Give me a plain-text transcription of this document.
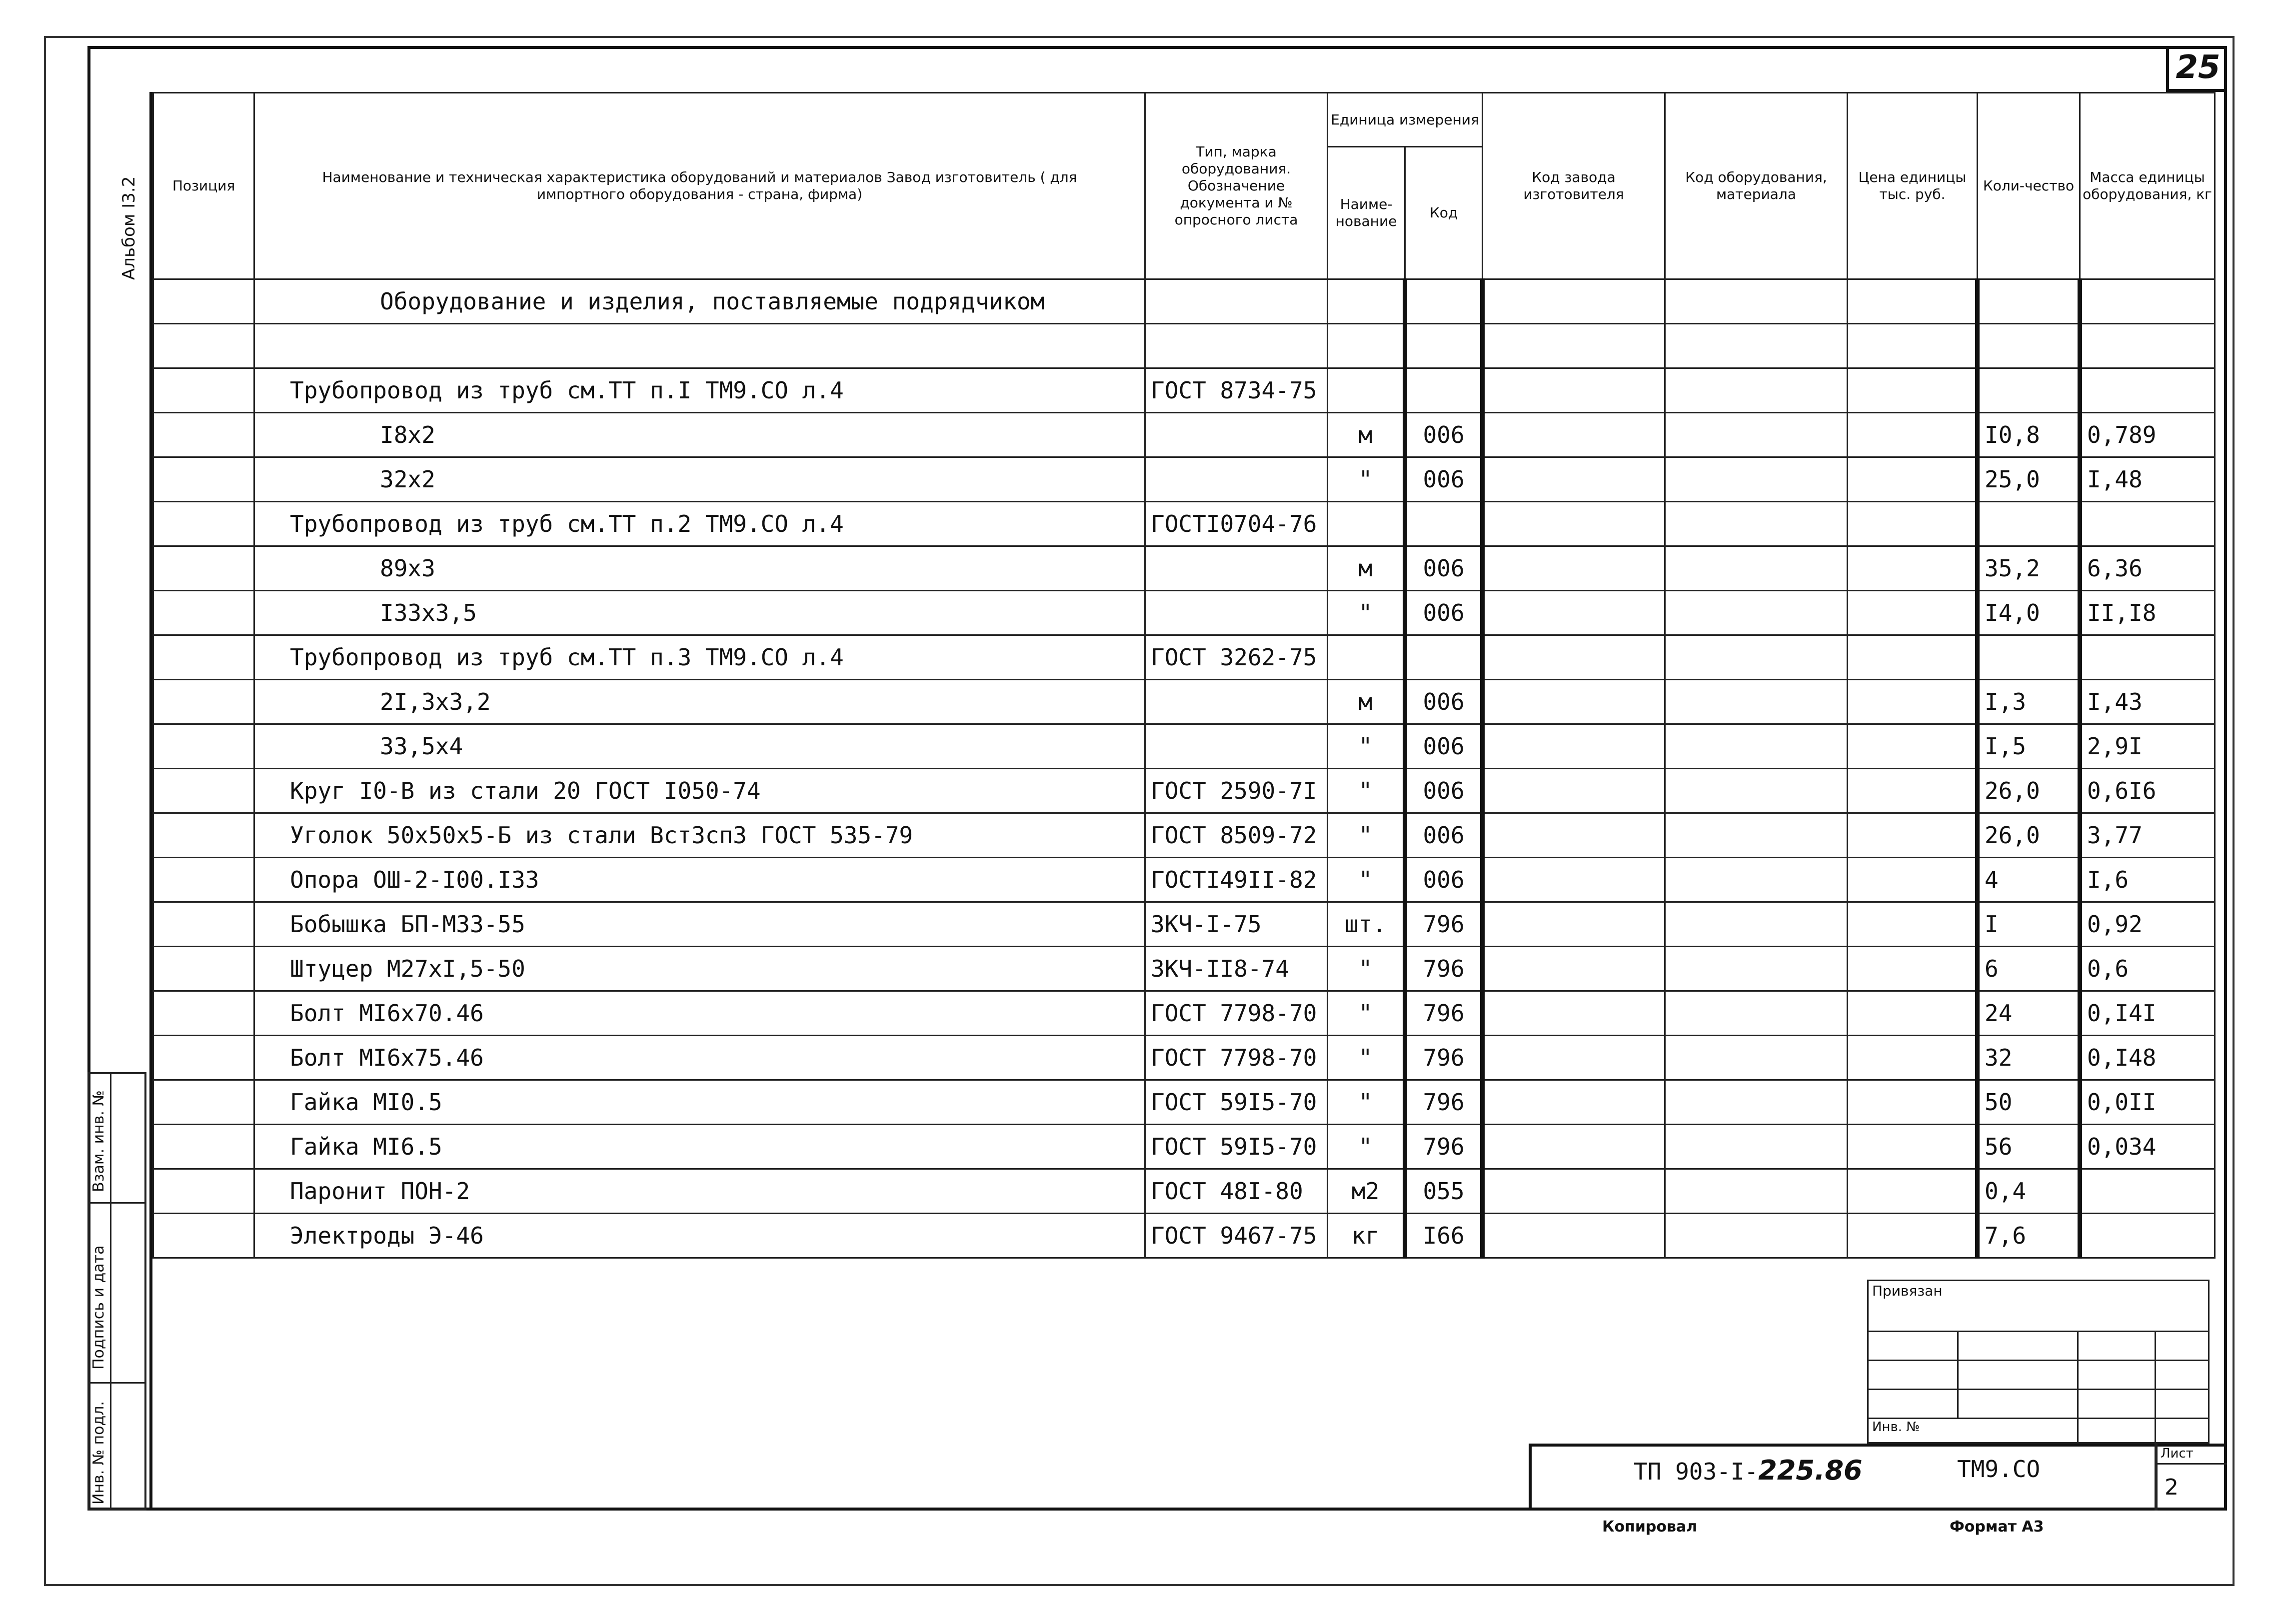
25
Альбом I3.2
Взам. инв. №
Подпись и дата
Инв. № подл.
Позиция	Наименование и техническая характеристика оборудований и материалов Завод изготовитель ( для импортного оборудования - страна, фирма)	Тип, марка оборудования. Обозначение документа и № опросного листа	Единица измерения		Код завода изготовителя	Код оборудования, материала	Цена единицы тыс. руб.	Коли-чество	Масса единицы оборудования, кг
			Наиме-нование	Код					
	Оборудование и изделия, поставляемые подрядчиком								

	Трубопровод из труб см.ТТ п.I ТМ9.СО л.4	ГОСТ 8734-75							
	I8x2		м	006				I0,8	0,789
	32x2		"	006				25,0	I,48
	Трубопровод из труб см.ТТ п.2 ТМ9.СО л.4	ГОСТI0704-76							
	89x3		м	006				35,2	6,36
	I33x3,5		"	006				I4,0	II,I8
	Трубопровод из труб см.ТТ п.3 ТМ9.СО л.4	ГОСТ 3262-75							
	2I,3x3,2		м	006				I,3	I,43
	33,5x4		"	006				I,5	2,9I
	Круг I0-В из стали 20 ГОСТ I050-74	ГОСТ 2590-7I	"	006				26,0	0,6I6
	Уголок 50x50x5-Б из стали ВстЗсп3 ГОСТ 535-79	ГОСТ 8509-72	"	006				26,0	3,77
	Опора ОШ-2-I00.I33	ГОСТI49II-82	"	006				4	I,6
	Бобышка БП-М33-55	ЗКЧ-I-75	шт.	796				I	0,92
	Штуцер М27xI,5-50	ЗКЧ-II8-74	"	796				6	0,6
	Болт МI6x70.46	ГОСТ 7798-70	"	796				24	0,I4I
	Болт МI6x75.46	ГОСТ 7798-70	"	796				32	0,I48
	Гайка МI0.5	ГОСТ 59I5-70	"	796				50	0,0II
	Гайка МI6.5	ГОСТ 59I5-70	"	796				56	0,034
	Паронит ПОН-2	ГОСТ 48I-80	м2	055				0,4	
	Электроды Э-46	ГОСТ 9467-75	кг	I66				7,6	
Привязан
Инв. №
ТП 903-I-225.86	ТМ9.СО
Лист
2
Копировал	Формат А3
